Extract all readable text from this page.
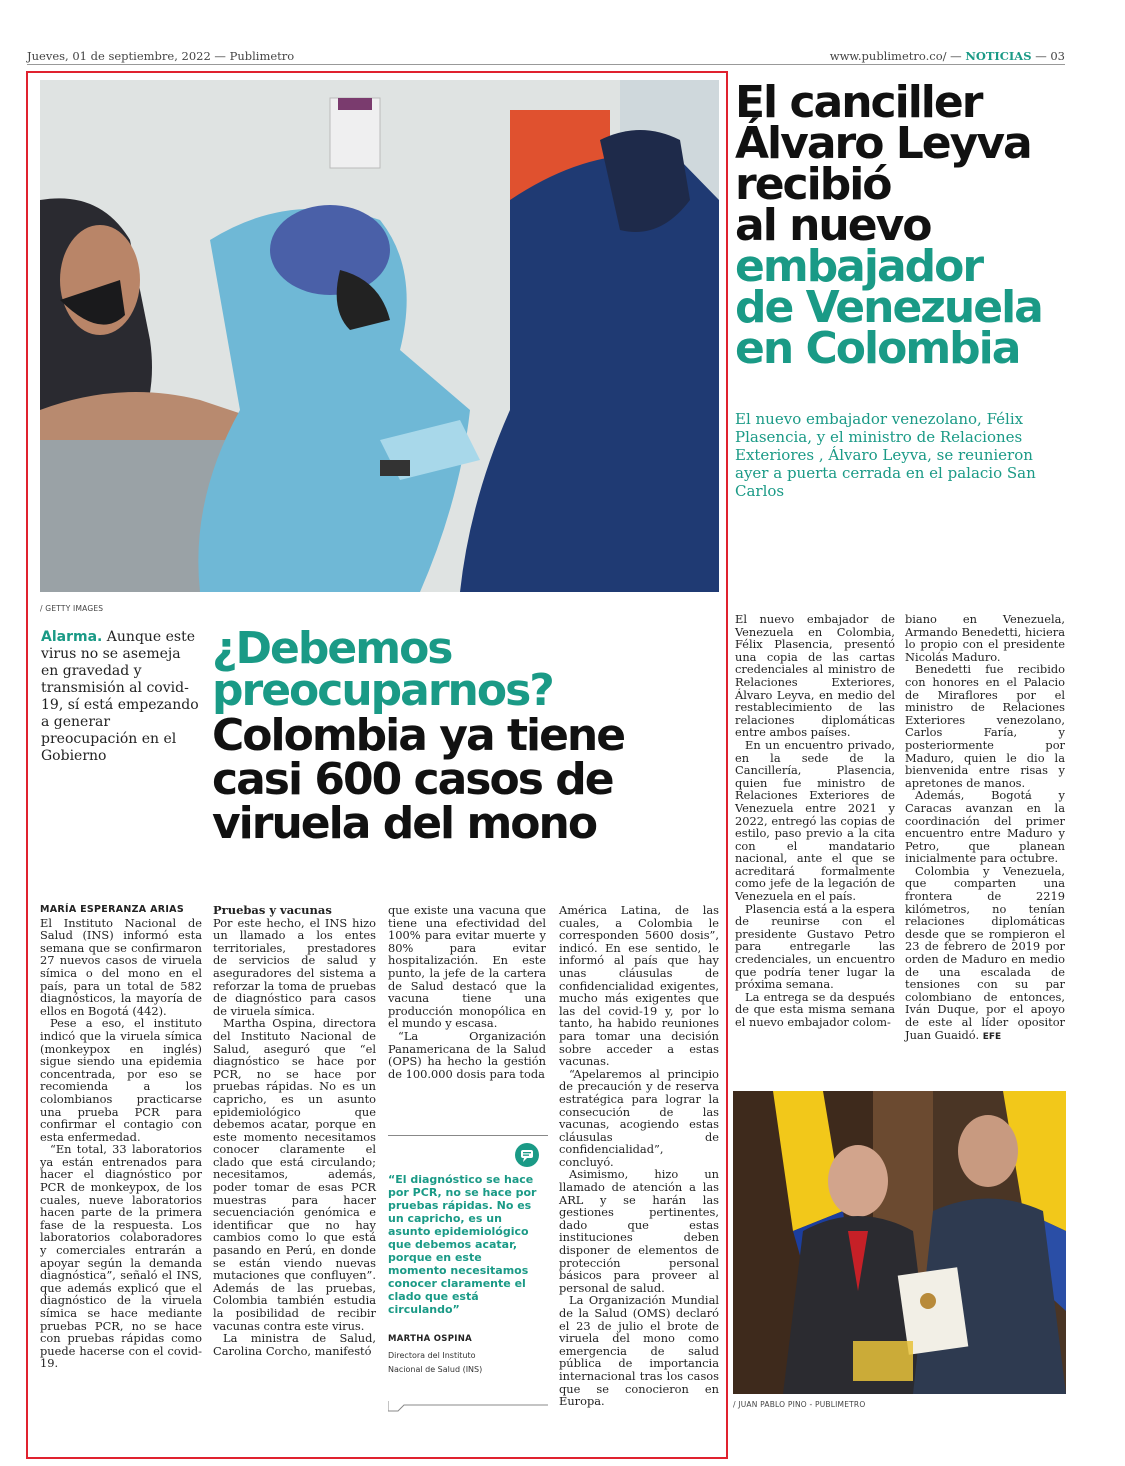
Jueves, 01 de septiembre, 2022 — Publimetro	www.publimetro.co/ — NOTICIAS — 03
/ GETTY IMAGES
Alarma. Aunque este virus no se asemeja en gravedad y transmisión al covid-19, sí está empezando a generar preocupación en el Gobierno
¿Debemos
preocuparnos?
Colombia ya tiene
casi 600 casos de
viruela del mono
MARÍA ESPERANZA ARIAS

El Instituto Nacional de Salud (INS) informó esta semana que se confirmaron 27 nuevos casos de viruela símica o del mono en el país, para un total de 582 diagnósticos, la mayoría de ellos en Bogotá (442).

Pese a eso, el instituto indicó que la viruela símica (monkeypox en inglés) sigue siendo una epidemia concentrada, por eso se recomienda a los colombianos practicarse una prueba PCR para confirmar el contagio con esta enfermedad.

“En total, 33 laboratorios ya están entrenados para hacer el diagnóstico por PCR de monkeypox, de los cuales, nueve laboratorios hacen parte de la primera fase de la respuesta. Los laboratorios colaboradores y comerciales entrarán a apoyar según la demanda diagnóstica”, señaló el INS, que además explicó que el diagnóstico de la viruela símica se hace mediante pruebas PCR, no se hace con pruebas rápidas como puede hacerse con el covid-19.

Pruebas y vacunas

Por este hecho, el INS hizo un llamado a los entes territoriales, prestadores de servicios de salud y aseguradores del sistema a reforzar la toma de pruebas de diagnóstico para casos de viruela símica.

Martha Ospina, directora del Instituto Nacional de Salud, aseguró que “el diagnóstico se hace por PCR, no se hace por pruebas rápidas. No es un capricho, es un asunto epidemiológico que debemos acatar, porque en este momento necesitamos conocer claramente el clado que está circulando; necesitamos, además, poder tomar de esas PCR muestras para hacer secuenciación genómica e identificar que no hay cambios como lo que está pasando en Perú, en donde se están viendo nuevas mutaciones que confluyen”. Además de las pruebas, Colombia también estudia la posibilidad de recibir vacunas contra este virus.

La ministra de Salud, Carolina Corcho, manifestó

que existe una vacuna que tiene una efectividad del 100% para evitar muerte y 80% para evitar hospitalización. En este punto, la jefe de la cartera de Salud destacó que la vacuna tiene una producción monopólica en el mundo y escasa.

“La Organización Panamericana de la Salud (OPS) ha hecho la gestión de 100.000 dosis para toda

“El diagnóstico se hace por PCR, no se hace por pruebas rápidas. No es un capricho, es un asunto epidemiológico que debemos acatar, porque en este momento necesitamos conocer claramente el clado que está circulando”
MARTHA OSPINA
Directora del Instituto
Nacional de Salud (INS)

América Latina, de las cuales, a Colombia le corresponden 5600 dosis”, indicó. En ese sentido, le informó al país que hay unas cláusulas de confidencialidad exigentes, mucho más exigentes que las del covid-19 y, por lo tanto, ha habido reuniones para tomar una decisión sobre acceder a estas vacunas.

“Apelaremos al principio de precaución y de reserva estratégica para lograr la consecución de las vacunas, acogiendo estas cláusulas de confidencialidad”, concluyó.

Asimismo, hizo un llamado de atención a las ARL y se harán las gestiones pertinentes, dado que estas instituciones deben disponer de elementos de protección personal básicos para proveer al personal de salud.

La Organización Mundial de la Salud (OMS) declaró el 23 de julio el brote de viruela del mono como emergencia de salud pública de importancia internacional tras los casos que se conocieron en Europa.

El canciller
Álvaro Leyva
recibió
al nuevo
embajador
de Venezuela
en Colombia
El nuevo embajador venezolano, Félix Plasencia, y el ministro de Relaciones Exteriores , Álvaro Leyva, se reunieron ayer a puerta cerrada en el palacio San Carlos

El nuevo embajador de Venezuela en Colombia, Félix Plasencia, presentó una copia de las cartas credenciales al ministro de Relaciones Exteriores, Álvaro Leyva, en medio del restablecimiento de las relaciones diplomáticas entre ambos países.

En un encuentro privado, en la sede de la Cancillería, Plasencia, quien fue ministro de Relaciones Exteriores de Venezuela entre 2021 y 2022, entregó las copias de estilo, paso previo a la cita con el mandatario nacional, ante el que se acreditará formalmente como jefe de la legación de Venezuela en el país.

Plasencia está a la espera de reunirse con el presidente Gustavo Petro para entregarle las credenciales, un encuentro que podría tener lugar la próxima semana.

La entrega se da después de que esta misma semana el nuevo embajador colom-

biano en Venezuela, Armando Benedetti, hiciera lo propio con el presidente Nicolás Maduro.

Benedetti fue recibido con honores en el Palacio de Miraflores por el ministro de Relaciones Exteriores venezolano, Carlos Faría, y posteriormente por Maduro, quien le dio la bienvenida entre risas y apretones de manos.

Además, Bogotá y Caracas avanzan en la coordinación del primer encuentro entre Maduro y Petro, que planean inicialmente para octubre.

Colombia y Venezuela, que comparten una frontera de 2219 kilómetros, no tenían relaciones diplomáticas desde que se rompieron el 23 de febrero de 2019 por orden de Maduro en medio de una escalada de tensiones con su par colombiano de entonces, Iván Duque, por el apoyo de este al líder opositor Juan Guaidó. EFE

/ JUAN PABLO PINO - PUBLIMETRO
